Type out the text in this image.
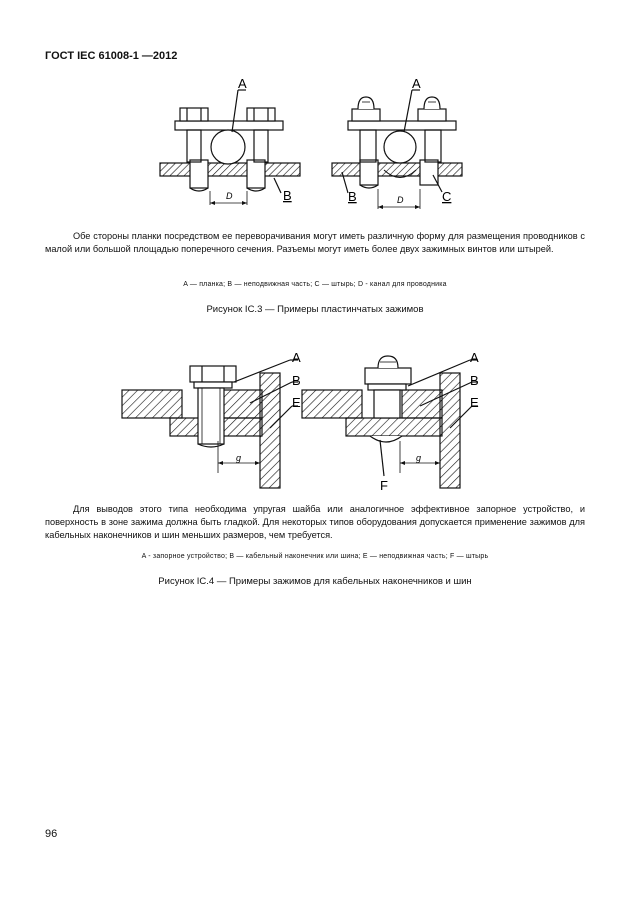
ГОСТ IEC 61008-1 —2012
A
B
D
A
B	C
D
Обе стороны планки посредством ее переворачивания могут иметь различную форму для размещения проводников с малой или большой площадью поперечного сечения. Разъемы могут иметь более двух зажимных винтов или штырей.
A — планка; B — неподвижная часть; C — штырь; D - канал для проводника
Рисунок IC.3 — Примеры пластинчатых зажимов
A
B
E
g
A
B
E
F
g
Для выводов этого типа необходима упругая шайба или аналогичное эффективное запорное устройство, и поверхность в зоне зажима должна быть гладкой. Для некоторых типов оборудования допускается применение зажимов для кабельных наконечников и шин меньших размеров, чем требуется.
A - запорное устройство; B — кабельный наконечник или шина; E — неподвижная часть; F — штырь
Рисунок IC.4 — Примеры зажимов для кабельных наконечников и шин
96
